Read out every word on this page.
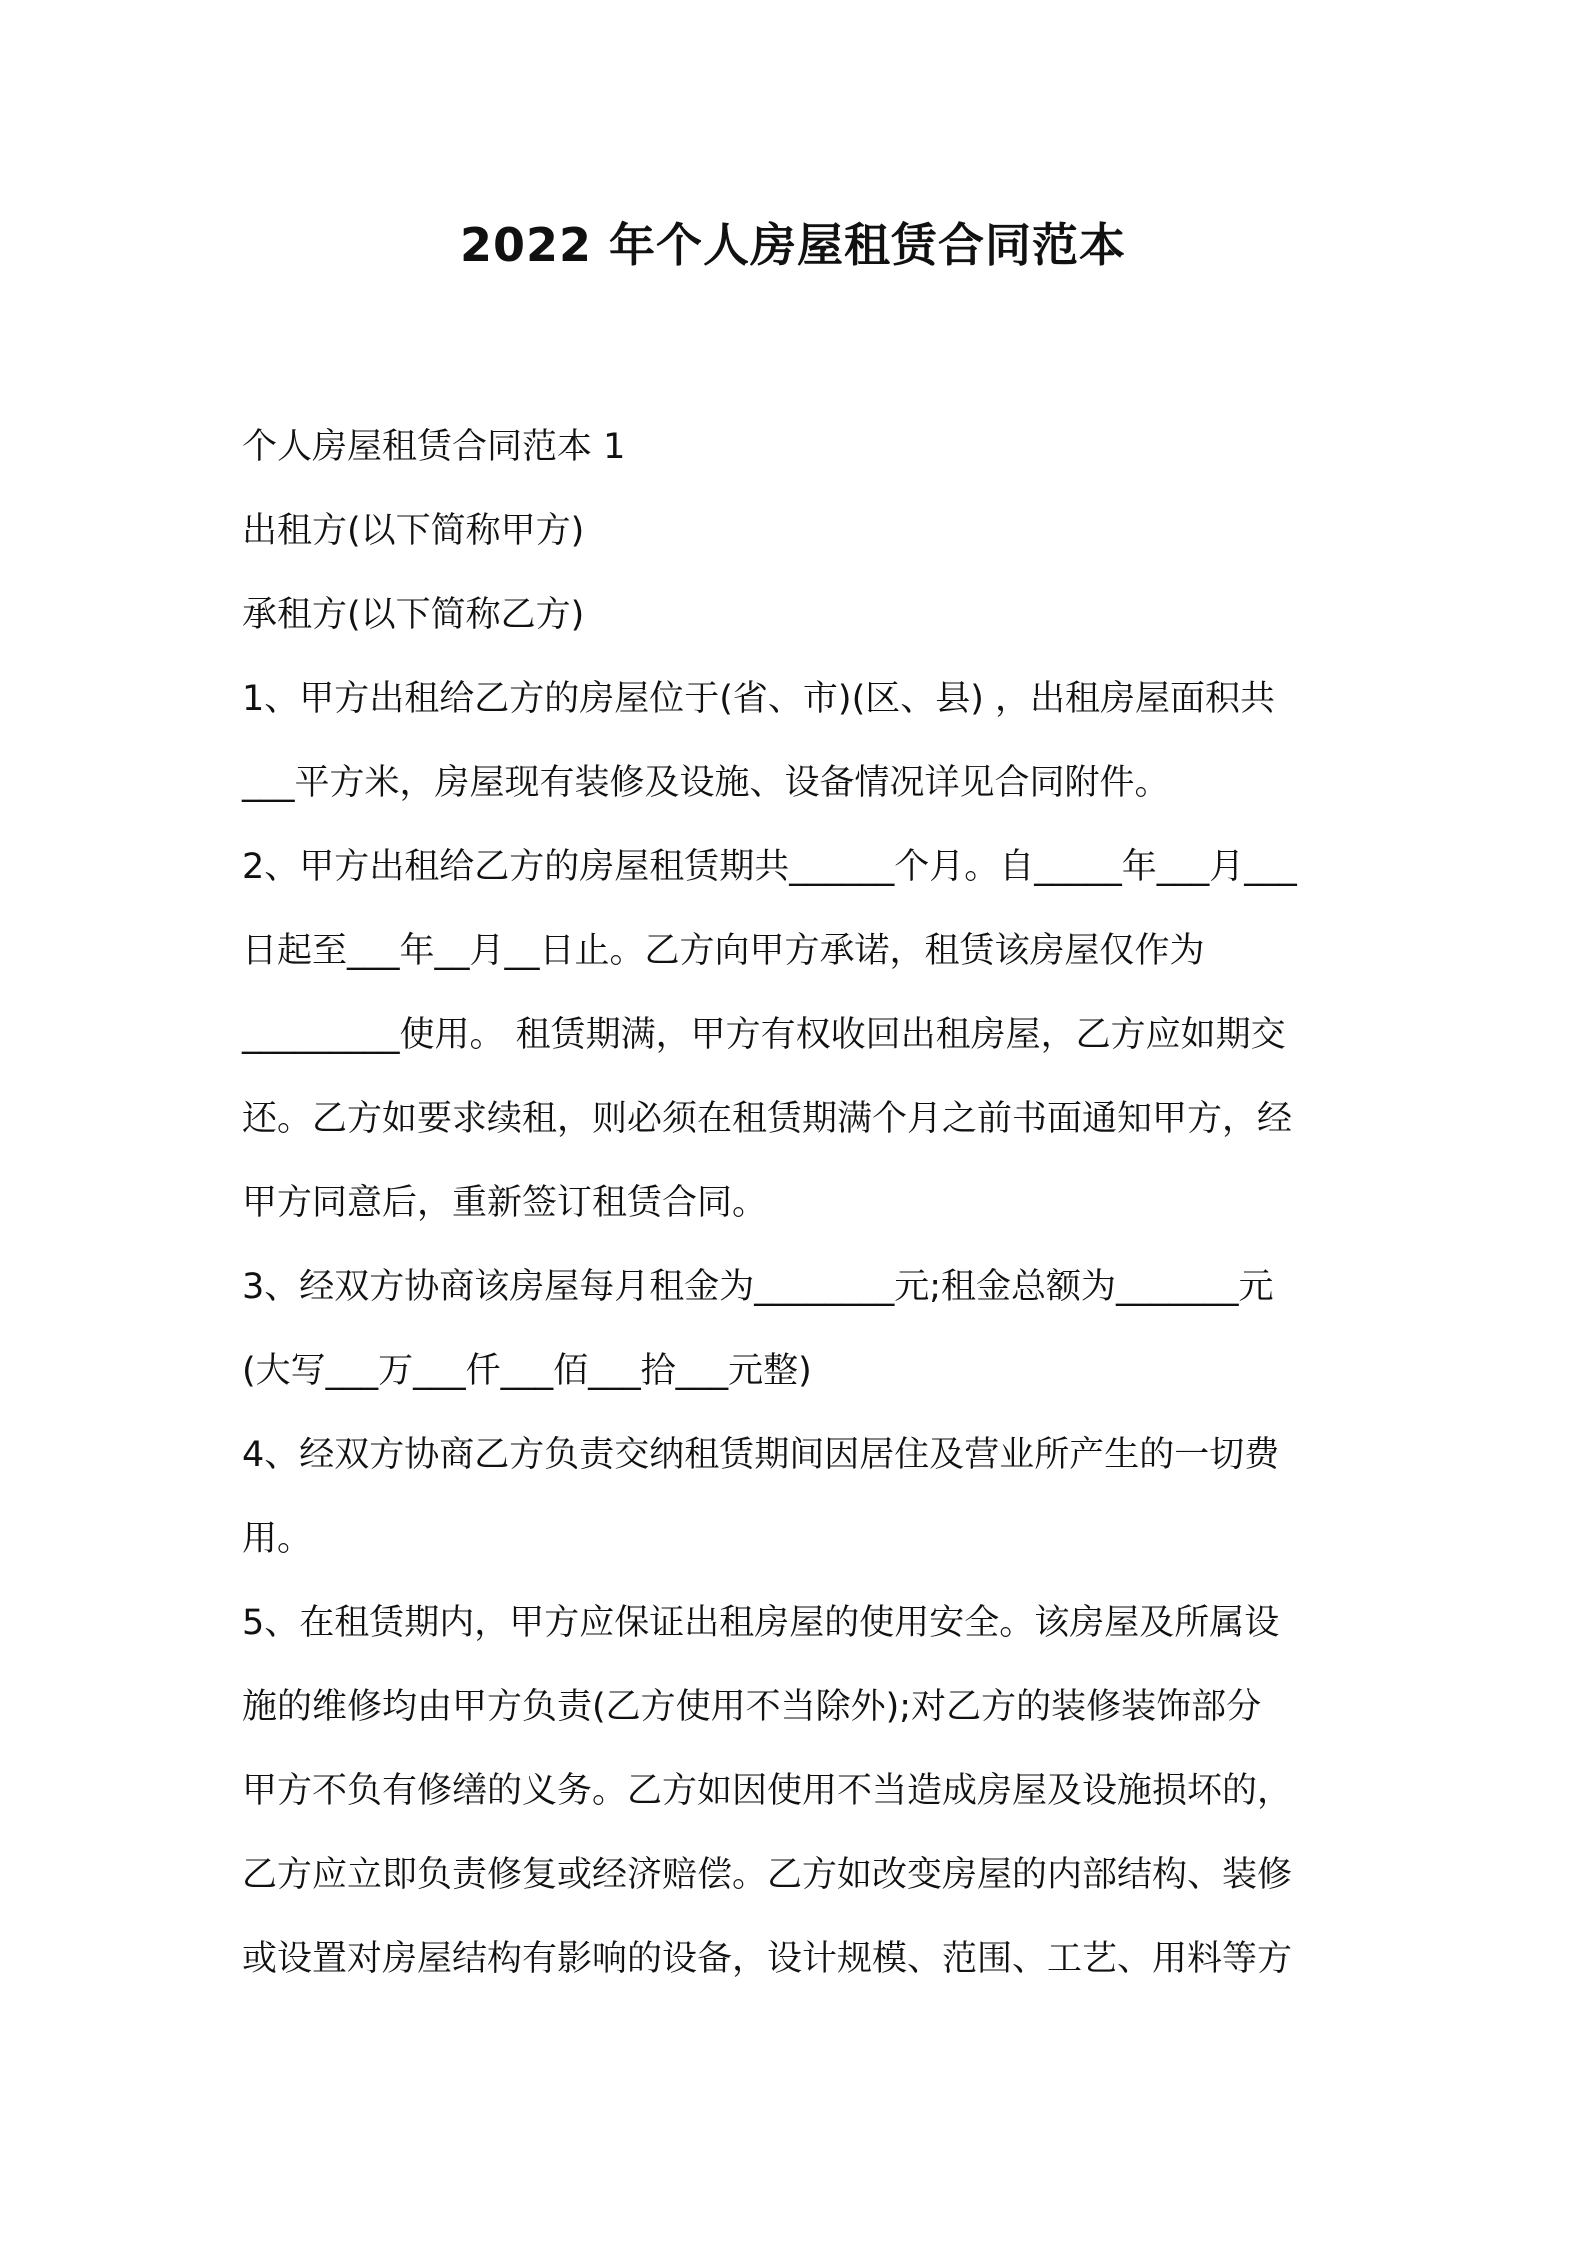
2022 年个人房屋租赁合同范本
个人房屋租赁合同范本 1
出租方(以下简称甲方)
承租方(以下简称乙方)
1、甲方出租给乙方的房屋位于(省、市)(区、县) ，出租房屋面积共
___平方米，房屋现有装修及设施、设备情况详见合同附件。
2、甲方出租给乙方的房屋租赁期共______个月。自_____年___月___
日起至___年__月__日止。乙方向甲方承诺，租赁该房屋仅作为
_________使用。 租赁期满，甲方有权收回出租房屋，乙方应如期交
还。乙方如要求续租，则必须在租赁期满个月之前书面通知甲方，经
甲方同意后，重新签订租赁合同。
3、经双方协商该房屋每月租金为________元;租金总额为_______元
(大写___万___仟___佰___拾___元整)
4、经双方协商乙方负责交纳租赁期间因居住及营业所产生的一切费
用。
5、在租赁期内，甲方应保证出租房屋的使用安全。该房屋及所属设
施的维修均由甲方负责(乙方使用不当除外);对乙方的装修装饰部分
甲方不负有修缮的义务。乙方如因使用不当造成房屋及设施损坏的，
乙方应立即负责修复或经济赔偿。乙方如改变房屋的内部结构、装修
或设置对房屋结构有影响的设备，设计规模、范围、工艺、用料等方
